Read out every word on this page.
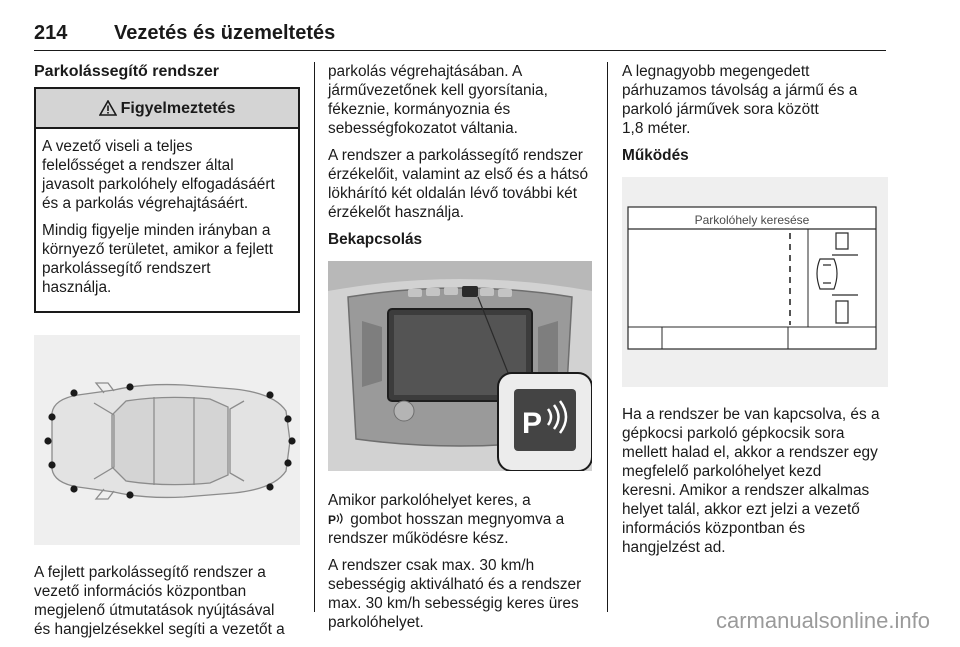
214 Vezetés és üzemeltetés
Parkolássegítő rendszer
Figyelmeztetés

A vezető viseli a teljes
felelősséget a rendszer által
javasolt parkolóhely elfogadásáért
és a parkolás végrehajtásáért.

Mindig figyelje minden irányban a
környező területet, amikor a fejlett
parkolássegítő rendszert
használja.

A fejlett parkolássegítő rendszer a
vezető információs központban
megjelenő útmutatások nyújtásával
és hangjelzésekkel segíti a vezetőt a

parkolás végrehajtásában. A
járművezetőnek kell gyorsítania,
fékeznie, kormányoznia és
sebességfokozatot váltania.

A rendszer a parkolássegítő rendszer
érzékelőit, valamint az első és a hátsó
lökhárító két oldalán lévő további két
érzékelőt használja.

Bekapcsolás
P

Amikor parkolóhelyet keres, a

P gombot hosszan megnyomva a
rendszer működésre kész.

A rendszer csak max. 30 km/h
sebességig aktiválható és a rendszer
max. 30 km/h sebességig keres üres
parkolóhelyet.

A legnagyobb megengedett
párhuzamos távolság a jármű és a
parkoló járművek sora között
1,8 méter.

Működés
Parkolóhely keresése

Ha a rendszer be van kapcsolva, és a
gépkocsi parkoló gépkocsik sora
mellett halad el, akkor a rendszer egy
megfelelő parkolóhelyet kezd
keresni. Amikor a rendszer alkalmas
helyet talál, akkor ezt jelzi a vezető
információs központban és
hangjelzést ad.

carmanualsonline.info
